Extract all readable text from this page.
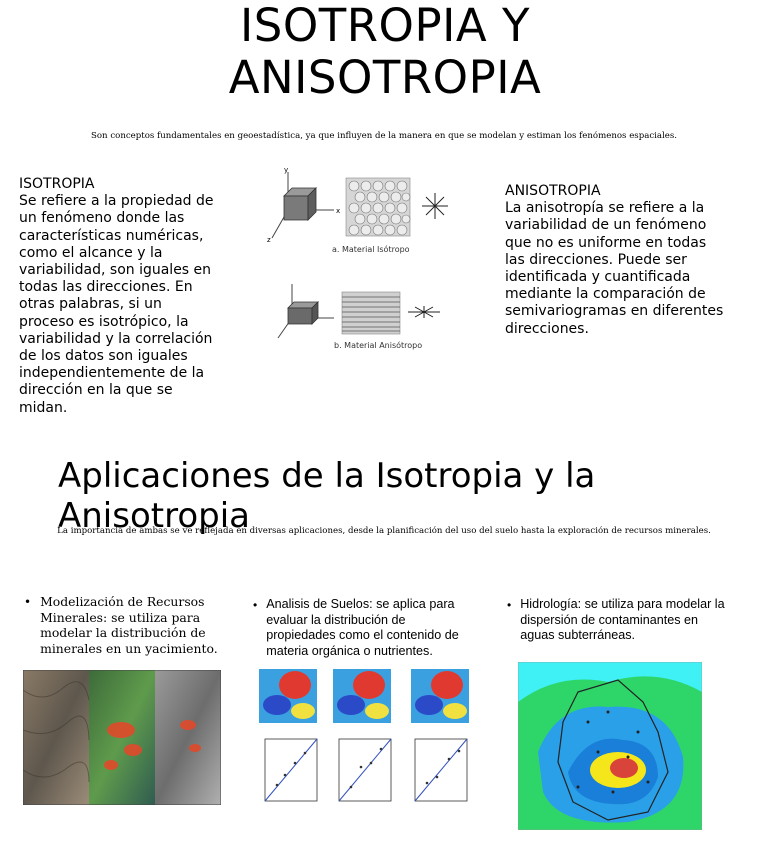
ISOTROPIA Y ANISOTROPIA
Son conceptos fundamentales en geoestadística, ya que influyen de la manera en que se modelan y estiman los fenómenos espaciales.
ISOTROPIA
Se refiere a la propiedad de un fenómeno donde las características numéricas, como el alcance y la variabilidad, son iguales en todas las direcciones. En otras palabras, si un proceso es isotrópico, la variabilidad y la correlación de los datos son iguales independientemente de la dirección en la que se midan.
y
x
z
a. Material Isótropo
b. Material Anisótropo
ANISOTROPIA
La anisotropía se refiere a la variabilidad de un fenómeno que no es uniforme en todas las direcciones. Puede ser identificada y cuantificada mediante la comparación de semivariogramas en diferentes direcciones.
Aplicaciones de la Isotropia y la Anisotropia
La importancia de ambas se ve reflejada en diversas aplicaciones, desde la planificación del uso del suelo hasta la exploración de recursos minerales.
• Modelización de Recursos Minerales: se utiliza para modelar la distribución de minerales en un yacimiento.
• Analisis de Suelos: se aplica para evaluar la distribución de propiedades como el contenido de materia orgánica o nutrientes.
• Hidrología: se utiliza para modelar la dispersión de contaminantes en aguas subterráneas.
